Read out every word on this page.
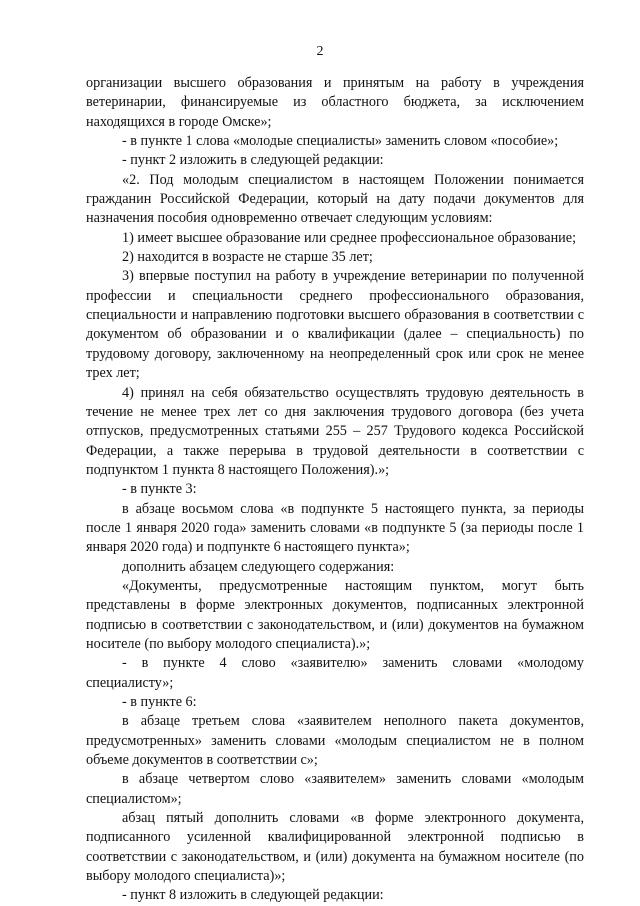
2

организации высшего образования и принятым на работу в учреждения ветеринарии, финансируемые из областного бюджета, за исключением находящихся в городе Омске»;

- в пункте 1 слова «молодые специалисты» заменить словом «пособие»;

- пункт 2 изложить в следующей редакции:

«2. Под молодым специалистом в настоящем Положении понимается гражданин Российской Федерации, который на дату подачи документов для назначения пособия одновременно отвечает следующим условиям:

1) имеет высшее образование или среднее профессиональное образование;

2) находится в возрасте не старше 35 лет;

3) впервые поступил на работу в учреждение ветеринарии по полученной профессии и специальности среднего профессионального образования, специальности и направлению подготовки высшего образования в соответствии с документом об образовании и о квалификации (далее – специальность) по трудовому договору, заключенному на неопределенный срок или срок не менее трех лет;

4) принял на себя обязательство осуществлять трудовую деятельность в течение не менее трех лет со дня заключения трудового договора (без учета отпусков, предусмотренных статьями 255 – 257 Трудового кодекса Российской Федерации, а также перерыва в трудовой деятельности в соответствии с подпунктом 1 пункта 8 настоящего Положения).»;

- в пункте 3:

в абзаце восьмом слова «в подпункте 5 настоящего пункта, за периоды после 1 января 2020 года» заменить словами «в подпункте 5 (за периоды после 1 января 2020 года) и подпункте 6 настоящего пункта»;

дополнить абзацем следующего содержания:

«Документы, предусмотренные настоящим пунктом, могут быть представлены в форме электронных документов, подписанных электронной подписью в соответствии с законодательством, и (или) документов на бумажном носителе (по выбору молодого специалиста).»;

- в пункте 4 слово «заявителю» заменить словами «молодому специалисту»;

- в пункте 6:

в абзаце третьем слова «заявителем неполного пакета документов, предусмотренных» заменить словами «молодым специалистом не в полном объеме документов в соответствии с»;

в абзаце четвертом слово «заявителем» заменить словами «молодым специалистом»;

абзац пятый дополнить словами «в форме электронного документа, подписанного усиленной квалифицированной электронной подписью в соответствии с законодательством, и (или) документа на бумажном носителе (по выбору молодого специалиста)»;

- пункт 8 изложить в следующей редакции:
